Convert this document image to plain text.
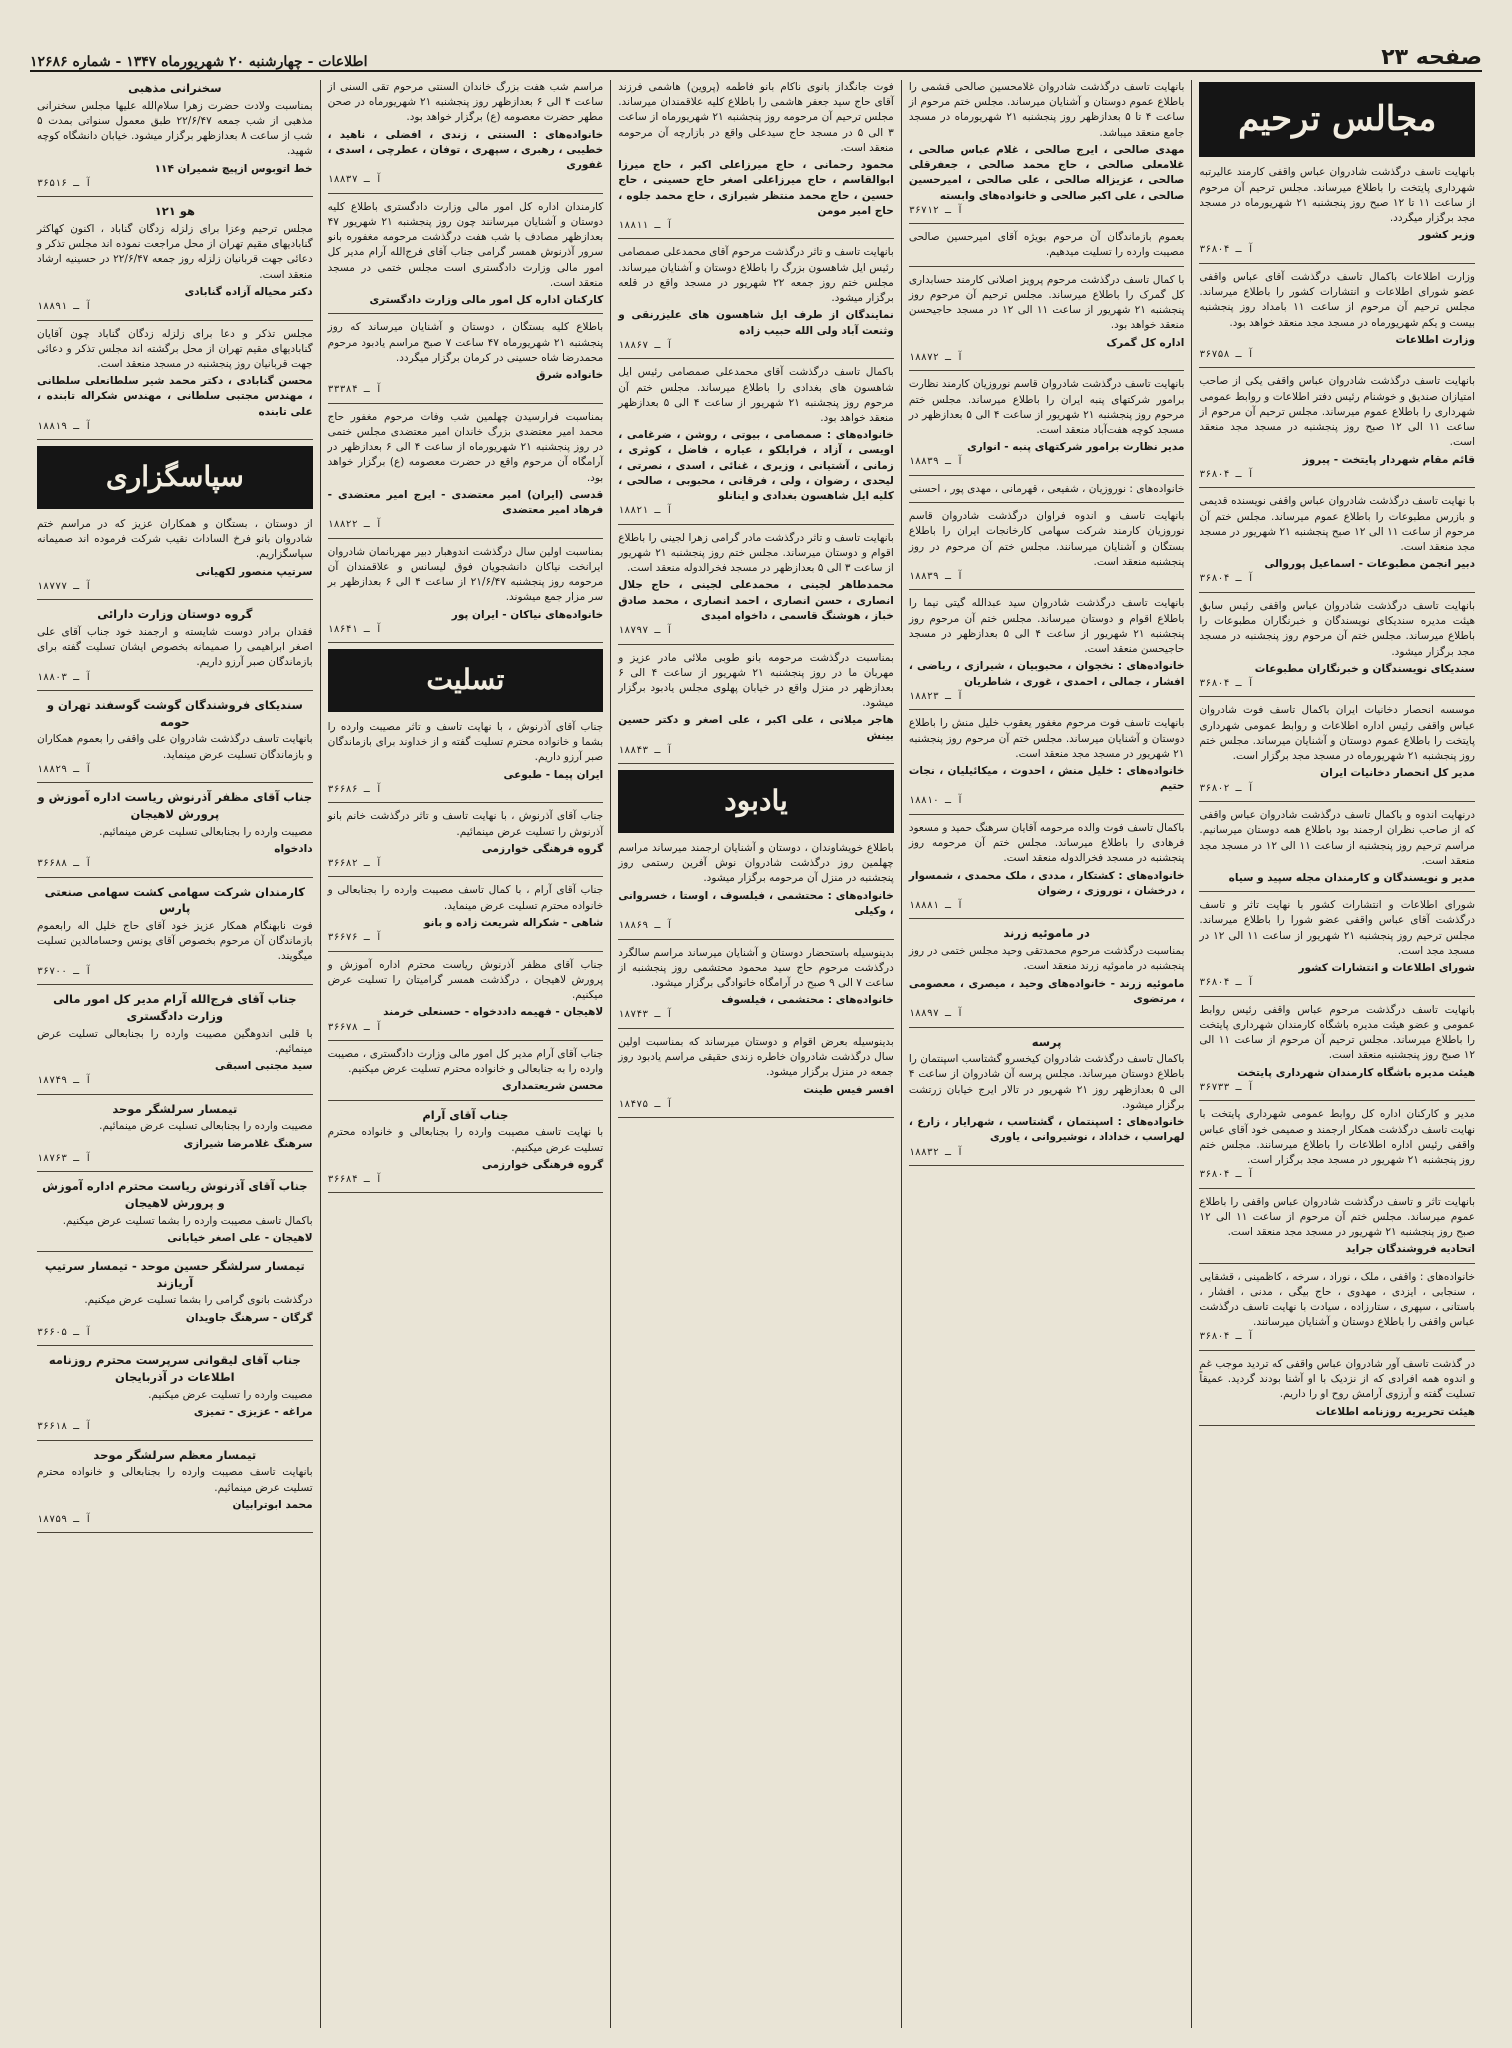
صفحه ۲۳
اطلاعات - چهارشنبه ۲۰ شهریورماه ۱۳۴۷ - شماره ۱۲۶۸۶
مجالس ترحیم
بانهایت تاسف درگذشت شادروان عباس واقفی کارمند عالیرتبه شهرداری پایتخت را باطلاع میرساند. مجلس ترحیم آن مرحوم از ساعت ۱۱ تا ۱۲ صبح روز پنجشنبه ۲۱ شهریورماه در مسجد مجد برگزار میگردد.
وزیر کشور
آ ـ ۳۶۸۰۴
وزارت اطلاعات باکمال تاسف درگذشت آقای عباس واقفی عضو شورای اطلاعات و انتشارات کشور را باطلاع میرساند. مجلس ترحیم آن مرحوم از ساعت ۱۱ بامداد روز پنجشنبه بیست و یکم شهریورماه در مسجد مجد منعقد خواهد بود.
وزارت اطلاعات
آ ـ ۳۶۷۵۸
بانهایت تاسف درگذشت شادروان عباس واقفی یکی از صاحب امتیازان صندیق و خوشنام رئیس دفتر اطلاعات و روابط عمومی شهرداری را باطلاع عموم میرساند. مجلس ترحیم آن مرحوم از ساعت ۱۱ الی ۱۲ صبح روز پنجشنبه در مسجد مجد منعقد است.
قائم مقام شهردار پایتخت - پیروز
آ ـ ۳۶۸۰۴
با نهایت تاسف درگذشت شادروان عباس واقفی نویسنده قدیمی و بازرس مطبوعات را باطلاع عموم میرساند. مجلس ختم آن مرحوم از ساعت ۱۱ الی ۱۲ صبح پنجشنبه ۲۱ شهریور در مسجد مجد منعقد است.
دبیر انجمن مطبوعات - اسماعیل پوروالی
آ ـ ۳۶۸۰۴
بانهایت تاسف درگذشت شادروان عباس واقفی رئیس سابق هیئت مدیره سندیکای نویسندگان و خبرنگاران مطبوعات را باطلاع میرساند. مجلس ختم آن مرحوم روز پنجشنبه در مسجد مجد برگزار میشود.
سندیکای نویسندگان و خبرنگاران مطبوعات
آ ـ ۳۶۸۰۴
موسسه انحصار دخانیات ایران باکمال تاسف فوت شادروان عباس واقفی رئیس اداره اطلاعات و روابط عمومی شهرداری پایتخت را باطلاع عموم دوستان و آشنایان میرساند. مجلس ختم روز پنجشنبه ۲۱ شهریورماه در مسجد مجد برگزار است.
مدیر کل انحصار دخانیات ایران
آ ـ ۳۶۸۰۲
درنهایت اندوه و باکمال تاسف درگذشت شادروان عباس واقفی که از صاحب نظران ارجمند بود باطلاع همه دوستان میرسانیم. مراسم ترحیم روز پنجشنبه از ساعت ۱۱ الی ۱۲ در مسجد مجد منعقد است.
مدیر و نویسندگان و کارمندان مجله سپید و سیاه
شورای اطلاعات و انتشارات کشور با نهایت تاثر و تاسف درگذشت آقای عباس واقفی عضو شورا را باطلاع میرساند. مجلس ترحیم روز پنجشنبه ۲۱ شهریور از ساعت ۱۱ الی ۱۲ در مسجد مجد است.
شورای اطلاعات و انتشارات کشور
آ ـ ۳۶۸۰۴
بانهایت تاسف درگذشت مرحوم عباس واقفی رئیس روابط عمومی و عضو هیئت مدیره باشگاه کارمندان شهرداری پایتخت را باطلاع میرساند. مجلس ترحیم آن مرحوم از ساعت ۱۱ الی ۱۲ صبح روز پنجشنبه منعقد است.
هیئت مدیره باشگاه کارمندان شهرداری پایتخت
آ ـ ۳۶۷۳۳
مدیر و کارکنان اداره کل روابط عمومی شهرداری پایتخت با نهایت تاسف درگذشت همکار ارجمند و صمیمی خود آقای عباس واقفی رئیس اداره اطلاعات را باطلاع میرسانند. مجلس ختم روز پنجشنبه ۲۱ شهریور در مسجد مجد برگزار است.
آ ـ ۳۶۸۰۴
بانهایت تاثر و تاسف درگذشت شادروان عباس واقفی را باطلاع عموم میرساند. مجلس ختم آن مرحوم از ساعت ۱۱ الی ۱۲ صبح روز پنجشنبه ۲۱ شهریور در مسجد مجد منعقد است.
اتحادیه فروشندگان جراید
خانواده‌های : واقفی ، ملک ، نوراد ، سرخه ، کاظمینی ، قشقایی ، سنجابی ، ایزدی ، مهدوی ، حاج بیگی ، مدنی ، افشار ، باستانی ، سپهری ، ستارزاده ، سیادت با نهایت تاسف درگذشت عباس واقفی را باطلاع دوستان و آشنایان میرسانند.
آ ـ ۳۶۸۰۴
در گذشت تاسف آور شادروان عباس واقفی که تردید موجب غم و اندوه همه افرادی که از نزدیک با او آشنا بودند گردید. عمیقاً تسلیت گفته و آرزوی آرامش روح او را داریم.
هیئت تحریریه روزنامه اطلاعات
بانهایت تاسف درگذشت شادروان غلامحسین صالحی قشمی را باطلاع عموم دوستان و آشنایان میرساند. مجلس ختم مرحوم از ساعت ۴ تا ۵ بعدازظهر روز پنجشنبه ۲۱ شهریورماه در مسجد جامع منعقد میباشد.
مهدی صالحی ، ایرج صالحی ، غلام عباس صالحی ، غلامعلی صالحی ، حاج محمد صالحی ، جعفرقلی صالحی ، عزیزاله صالحی ، علی صالحی ، امیرحسین صالحی ، علی اکبر صالحی و خانواده‌های وابسته
آ ـ ۳۶۷۱۲
بعموم بازماندگان آن مرحوم بویژه آقای امیرحسین صالحی مصیبت وارده را تسلیت میدهیم.
با کمال تاسف درگذشت مرحوم پرویز اصلانی کارمند حسابداری کل گمرک را باطلاع میرساند. مجلس ترحیم آن مرحوم روز پنجشنبه ۲۱ شهریور از ساعت ۱۱ الی ۱۲ در مسجد حاجیحسن منعقد خواهد بود.
اداره کل گمرک
آ ـ ۱۸۸۷۲
بانهایت تاسف درگذشت شادروان قاسم نوروزیان کارمند نظارت برامور شرکتهای پنبه ایران را باطلاع میرساند. مجلس ختم مرحوم روز پنجشنبه ۲۱ شهریور از ساعت ۴ الی ۵ بعدازظهر در مسجد کوچه هفت‌آباد منعقد است.
مدیر نظارت برامور شرکتهای پنبه - انواری
آ ـ ۱۸۸۳۹
خانواده‌های : نوروزیان ، شفیعی ، قهرمانی ، مهدی پور ، احسنی
بانهایت تاسف و اندوه فراوان درگذشت شادروان قاسم نوروزیان کارمند شرکت سهامی کارخانجات ایران را باطلاع بستگان و آشنایان میرسانند. مجلس ختم آن مرحوم در روز پنجشنبه منعقد است.
آ ـ ۱۸۸۳۹
بانهایت تاسف درگذشت شادروان سید عبدالله گیتی نیما را باطلاع اقوام و دوستان میرساند. مجلس ختم آن مرحوم روز پنجشنبه ۲۱ شهریور از ساعت ۴ الی ۵ بعدازظهر در مسجد حاجیحسن منعقد است.
خانواده‌های : نخجوان ، محبوبیان ، شیرازی ، ریاضی ، افشار ، جمالی ، احمدی ، غوری ، شاطریان
آ ـ ۱۸۸۲۳
بانهایت تاسف فوت مرحوم مغفور یعقوب خلیل منش را باطلاع دوستان و آشنایان میرساند. مجلس ختم آن مرحوم روز پنجشنبه ۲۱ شهریور در مسجد مجد منعقد است.
خانواده‌های : خلیل منش ، احدوت ، میکائیلیان ، نجات حتیم
آ ـ ۱۸۸۱۰
باکمال تاسف فوت والده مرحومه آقایان سرهنگ حمید و مسعود فرهادی را باطلاع میرساند. مجلس ختم آن مرحومه روز پنجشنبه در مسجد فخرالدوله منعقد است.
خانواده‌های : کشتکار ، مددی ، ملک محمدی ، شمسوار ، درخشان ، نوروزی ، رضوان
آ ـ ۱۸۸۸۱
در ماموئیه زرند
بمناسبت درگذشت مرحوم محمدتقی وحید مجلس ختمی در روز پنجشنبه در ماموئیه زرند منعقد است.
ماموئیه زرند - خانواده‌های وحید ، میصری ، معصومی ، مرتضوی
آ ـ ۱۸۸۹۷
پرسه
باکمال تاسف درگذشت شادروان کیخسرو گشتاسب اسپنتمان را باطلاع دوستان میرساند. مجلس پرسه آن شادروان از ساعت ۴ الی ۵ بعدازظهر روز ۲۱ شهریور در تالار ایرج خیابان زرتشت برگزار میشود.
خانواده‌های : اسپنتمان ، گشتاسب ، شهرایار ، زارع ، لهراسب ، خداداد ، نوشیروانی ، یاوری
آ ـ ۱۸۸۳۲
فوت جانگداز بانوی ناکام بانو فاطمه (پروین) هاشمی فرزند آقای حاج سید جعفر هاشمی را باطلاع کلیه علاقمندان میرساند. مجلس ترحیم آن مرحومه روز پنجشنبه ۲۱ شهریورماه از ساعت ۳ الی ۵ در مسجد حاج سیدعلی واقع در بازارچه آن مرحومه منعقد است.
محمود رحمانی ، حاج میرزاعلی اکبر ، حاج میرزا ابوالقاسم ، حاج میرزاعلی اصغر حاج حسینی ، حاج حسین ، حاج محمد منتظر شیرازی ، حاج محمد جلوه ، حاج امیر مومن
آ ـ ۱۸۸۱۱
بانهایت تاسف و تاثر درگذشت مرحوم آقای محمدعلی صمصامی رئیس ایل شاهسون بزرگ را باطلاع دوستان و آشنایان میرساند. مجلس ختم روز جمعه ۲۲ شهریور در مسجد واقع در قلعه برگزار میشود.
نمایندگان از طرف ایل شاهسون های علیزرنقی و وثنعت آباد ولی الله حبیب زاده
آ ـ ۱۸۸۶۷
باکمال تاسف درگذشت آقای محمدعلی صمصامی رئیس ایل شاهسون های بغدادی را باطلاع میرساند. مجلس ختم آن مرحوم روز پنجشنبه ۲۱ شهریور از ساعت ۴ الی ۵ بعدازظهر منعقد خواهد بود.
خانواده‌های : صمصامی ، بیوتی ، روشن ، ضرغامی ، اویسی ، آزاد ، فرایلکو ، عیاره ، فاضل ، کوثری ، زمانی ، آشتیانی ، وزیری ، غنائی ، اسدی ، نصرتی ، لیحدی ، رضوان ، ولی ، فرقانی ، محبوبی ، صالحی ، کلیه ایل شاهسون بغدادی و اینانلو
آ ـ ۱۸۸۲۱
بانهایت تاسف و تاثر درگذشت مادر گرامی زهرا لجینی را باطلاع اقوام و دوستان میرساند. مجلس ختم روز پنجشنبه ۲۱ شهریور از ساعت ۳ الی ۵ بعدازظهر در مسجد فخرالدوله منعقد است.
محمدطاهر لجینی ، محمدعلی لجینی ، حاج جلال انصاری ، حسن انصاری ، احمد انصاری ، محمد صادق خباز ، هوشنگ قاسمی ، داخواه امیدی
آ ـ ۱۸۷۹۷
بمناسبت درگذشت مرحومه بانو طوبی ملائی مادر عزیز و مهربان ما در روز پنجشنبه ۲۱ شهریور از ساعت ۴ الی ۶ بعدازظهر در منزل واقع در خیابان پهلوی مجلس یادبود برگزار میشود.
هاجر میلانی ، علی اکبر ، علی اصغر و دکتر حسین بینش
آ ـ ۱۸۸۴۳
یادبود
باطلاع خویشاوندان ، دوستان و آشنایان ارجمند میرساند مراسم چهلمین روز درگذشت شادروان نوش آفرین رستمی روز پنجشنبه در منزل آن مرحومه برگزار میشود.
خانواده‌های : محتشمی ، فیلسوف ، اوستا ، خسروانی ، وکیلی
آ ـ ۱۸۸۶۹
بدینوسیله باستحضار دوستان و آشنایان میرساند مراسم سالگرد درگذشت مرحوم حاج سید محمود محتشمی روز پنجشنبه از ساعت ۷ الی ۹ صبح در آرامگاه خانوادگی برگزار میشود.
خانواده‌های : محتشمی ، فیلسوف
آ ـ ۱۸۷۴۳
بدینوسیله بعرض اقوام و دوستان میرساند که بمناسبت اولین سال درگذشت شادروان خاطره زندی حقیقی مراسم یادبود روز جمعه در منزل برگزار میشود.
افسر فیس طینت
آ ـ ۱۸۴۷۵
مراسم شب هفت بزرگ خاندان السنتی مرحوم تقی السنی از ساعت ۴ الی ۶ بعدازظهر روز پنجشنبه ۲۱ شهریورماه در صحن مطهر حضرت معصومه (ع) برگزار خواهد بود.
خانواده‌های : السنتی ، زندی ، افضلی ، ناهید ، خطیبی ، رهبری ، سپهری ، توفان ، عطرچی ، اسدی ، غفوری
آ ـ ۱۸۸۳۷
کارمندان اداره کل امور مالی وزارت دادگستری باطلاع کلیه دوستان و آشنایان میرسانند چون روز پنجشنبه ۲۱ شهریور ۴۷ بعدازظهر مصادف با شب هفت درگذشت مرحومه مغفوره بانو سرور آذرنوش همسر گرامی جناب آقای فرج‌الله آرام مدیر کل امور مالی وزارت دادگستری است مجلس ختمی در مسجد منعقد است.
کارکنان اداره کل امور مالی وزارت دادگستری
باطلاع کلیه بستگان ، دوستان و آشنایان میرساند که روز پنجشنبه ۲۱ شهریورماه ۴۷ ساعت ۷ صبح مراسم یادبود مرحوم محمدرضا شاه حسینی در کرمان برگزار میگردد.
خانواده شرق
آ ـ ۳۳۳۸۴
بمناسبت فرارسیدن چهلمین شب وفات مرحوم مغفور حاج محمد امیر معتضدی بزرگ خاندان امیر معتضدی مجلس ختمی در روز پنجشنبه ۲۱ شهریورماه از ساعت ۴ الی ۶ بعدازظهر در آرامگاه آن مرحوم واقع در حضرت معصومه (ع) برگزار خواهد بود.
قدسی (ایران) امیر معتضدی - ایرج امیر معتضدی - فرهاد امیر معتضدی
آ ـ ۱۸۸۲۲
بمناسبت اولین سال درگذشت اندوهبار دبیر مهربانمان شادروان ایرانخت نیاکان دانشجویان فوق لیسانس و علاقمندان آن مرحومه روز پنجشنبه ۲۱/۶/۴۷ از ساعت ۴ الی ۶ بعدازظهر بر سر مزار جمع میشوند.
خانواده‌های نیاکان - ایران پور
آ ـ ۱۸۶۴۱
تسلیت
جناب آقای آذرنوش ، با نهایت تاسف و تاثر مصیبت وارده را بشما و خانواده محترم تسلیت گفته و از خداوند برای بازماندگان صبر آرزو داریم.
ایران پیما - طبوعی
آ ـ ۳۶۶۸۶
جناب آقای آذرنوش ، با نهایت تاسف و تاثر درگذشت خانم بانو آذرنوش را تسلیت عرض مینمائیم.
گروه فرهنگی خوارزمی
آ ـ ۳۶۶۸۲
جناب آقای آرام ، با کمال تاسف مصیبت وارده را بجنابعالی و خانواده محترم تسلیت عرض مینماید.
شاهی - شکراله شریعت زاده و بانو
آ ـ ۳۶۶۷۶
جناب آقای مظفر آذرنوش ریاست محترم اداره آموزش و پرورش لاهیجان ، درگذشت همسر گرامیتان را تسلیت عرض میکنیم.
لاهیجان - فهیمه داددخواه - حسنعلی خرمند
آ ـ ۳۶۶۷۸
جناب آقای آرام مدیر کل امور مالی وزارت دادگستری ، مصیبت وارده را به جنابعالی و خانواده محترم تسلیت عرض میکنیم.
محسن شریعتمداری
جناب آقای آرام
با نهایت تاسف مصیبت وارده را بجنابعالی و خانواده محترم تسلیت عرض میکنیم.
گروه فرهنگی خوارزمی
آ ـ ۳۶۶۸۴
سخنرانی مذهبی
بمناسبت ولادت حضرت زهرا سلام‌الله علیها مجلس سخنرانی مذهبی از شب جمعه ۲۲/۶/۴۷ طبق معمول سنواتی بمدت ۵ شب از ساعت ۸ بعدازظهر برگزار میشود. خیابان دانشگاه کوچه شهید.
خط اتوبوس ازپیچ شمیران ۱۱۴
آ ـ ۳۶۵۱۶
هو ۱۲۱
مجلس ترحیم وعزا برای زلزله زدگان گناباد ، اکنون کهاکثر گنابادیهای مقیم تهران از محل مراجعت نموده اند مجلس تذکر و دعائی جهت قربانیان زلزله روز جمعه ۲۲/۶/۴۷ در حسینیه ارشاد منعقد است.
دکتر محیاله آزاده گنابادی
آ ـ ۱۸۸۹۱
مجلس تذکر و دعا برای زلزله زدگان گناباد چون آقایان گنابادیهای مقیم تهران از محل برگشته اند مجلس تذکر و دعائی جهت قربانیان روز پنجشنبه در مسجد منعقد است.
محسن گنابادی ، دکتر محمد شیر سلطانعلی سلطانی ، مهندس مجتبی سلطانی ، مهندس شکراله تابنده ، علی تابنده
آ ـ ۱۸۸۱۹
سپاسگزاری
از دوستان ، بستگان و همکاران عزیز که در مراسم ختم شادروان بانو فرخ السادات نقیب شرکت فرموده اند صمیمانه سپاسگزاریم.
سرتیپ منصور لکهیانی
آ ـ ۱۸۷۷۷
گروه دوستان وزارت دارائی
فقدان برادر دوست شایسته و ارجمند خود جناب آقای علی اصغر ابراهیمی را صمیمانه بخصوص ایشان تسلیت گفته برای بازماندگان صبر آرزو داریم.
آ ـ ۱۸۸۰۳
سندیکای فروشندگان گوشت گوسفند تهران و حومه
بانهایت تاسف درگذشت شادروان علی واقفی را بعموم همکاران و بازماندگان تسلیت عرض مینماید.
آ ـ ۱۸۸۲۹
جناب آقای مظفر آذرنوش ریاست اداره آموزش و پرورش لاهیجان
مصیبت وارده را بجنابعالی تسلیت عرض مینمائیم.
دادخواه
آ ـ ۳۶۶۸۸
کارمندان شرکت سهامی کشت سهامی صنعتی پارس
فوت نابهنگام همکار عزیز خود آقای حاج خلیل اله رابعموم بازماندگان آن مرحوم بخصوص آقای یونس وحسامالدین تسلیت میگویند.
آ ـ ۳۶۷۰۰
جناب آقای فرج‌الله آرام مدیر کل امور مالی وزارت دادگستری
با قلبی اندوهگین مصیبت وارده را بجنابعالی تسلیت عرض مینمائیم.
سید مجتبی اسبقی
آ ـ ۱۸۷۴۹
تیمسار سرلشگر موحد
مصیبت وارده را بجنابعالی تسلیت عرض مینمائیم.
سرهنگ غلامرضا شیرازی
آ ـ ۱۸۷۶۳
جناب آقای آذرنوش ریاست محترم اداره آموزش و پرورش لاهیجان
باکمال تاسف مصیبت وارده را بشما تسلیت عرض میکنیم.
لاهیجان - علی اصغر خیابانی
تیمسار سرلشگر حسین موحد - تیمسار سرتیپ آریازند
درگذشت بانوی گرامی را بشما تسلیت عرض میکنیم.
گرگان - سرهنگ جاویدان
آ ـ ۳۶۶۰۵
جناب آقای لیقوانی سرپرست محترم روزنامه اطلاعات در آذربایجان
مصیبت وارده را تسلیت عرض میکنیم.
مراغه - عزیزی - تمیزی
آ ـ ۳۶۶۱۸
تیمسار معظم سرلشگر موحد
بانهایت تاسف مصیبت وارده را بجنابعالی و خانواده محترم تسلیت عرض مینمائیم.
محمد ابوترابیان
آ ـ ۱۸۷۵۹
